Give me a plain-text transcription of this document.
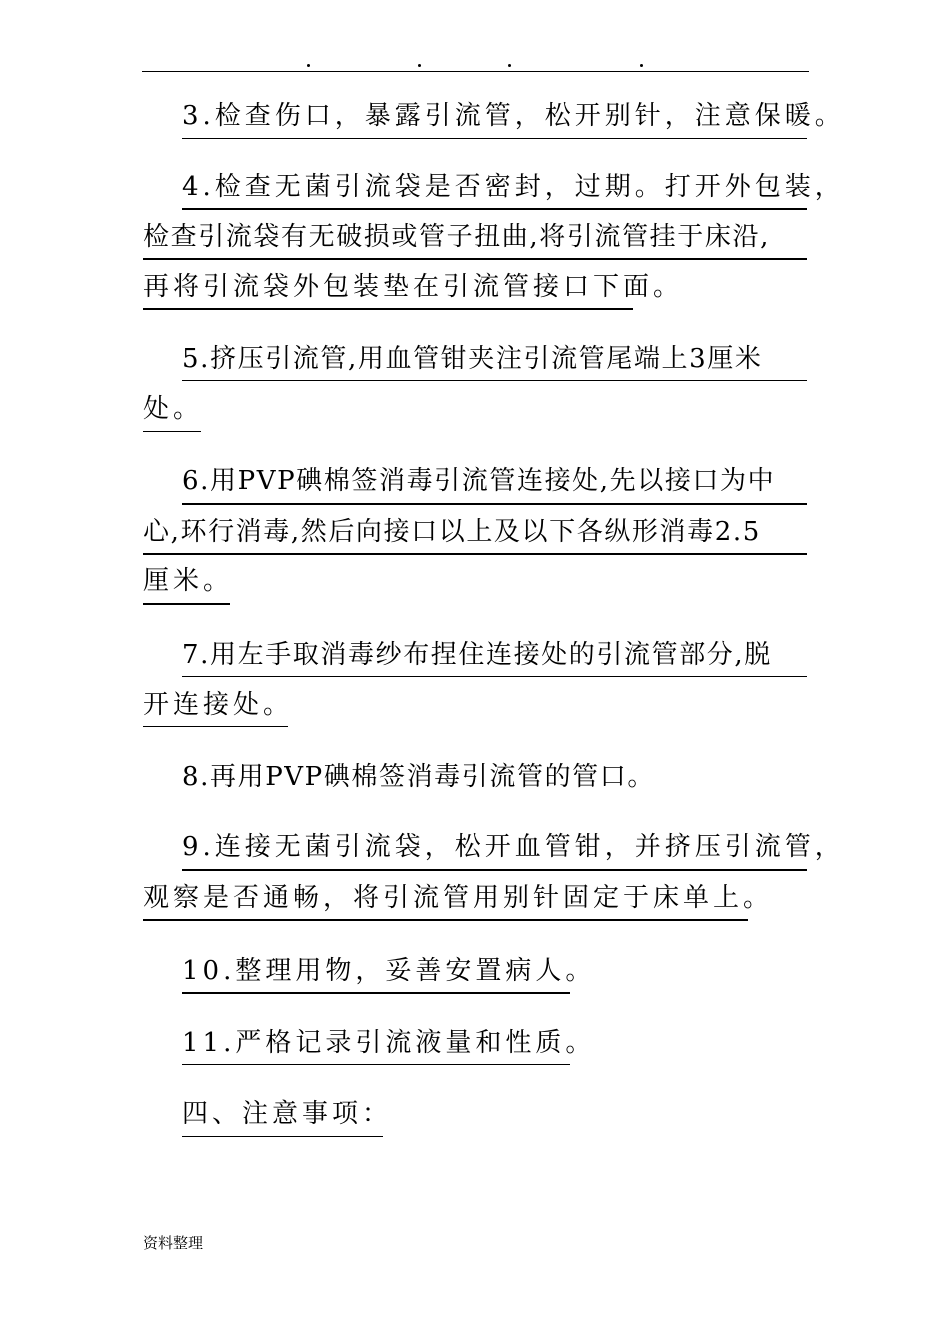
3.检查伤口，暴露引流管，松开别针，注意保暖。
4.检查无菌引流袋是否密封，过期。打开外包装，
检查引流袋有无破损或管子扭曲,将引流管挂于床沿,
再将引流袋外包装垫在引流管接口下面。
5.挤压引流管,用血管钳夹注引流管尾端上3厘米
处。
6.用PVP碘棉签消毒引流管连接处,先以接口为中
心,环行消毒,然后向接口以上及以下各纵形消毒2.5
厘米。
7.用左手取消毒纱布捏住连接处的引流管部分,脱
开连接处。
8.再用PVP碘棉签消毒引流管的管口。
9.连接无菌引流袋，松开血管钳，并挤压引流管，
观察是否通畅，将引流管用别针固定于床单上。
10.整理用物，妥善安置病人。
11.严格记录引流液量和性质。
四、注意事项：
资料整理
